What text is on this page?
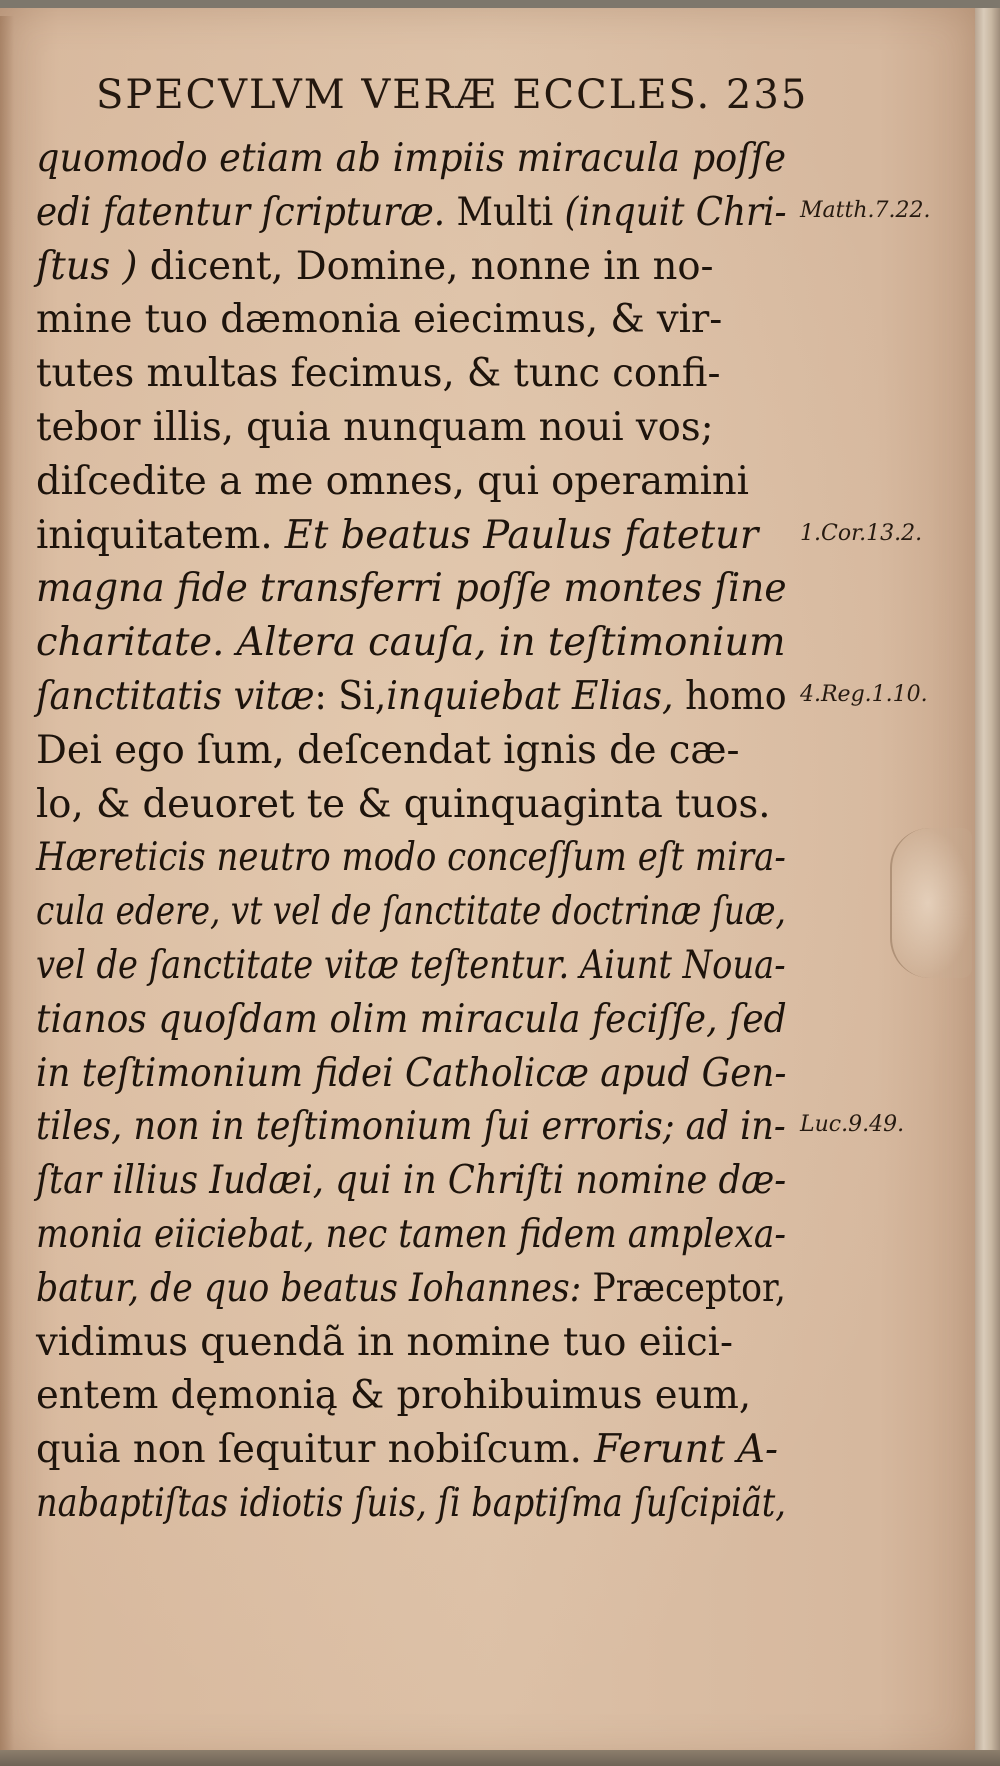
SPECVLVM VERÆ ECCLES. 235
quomodo etiam ab impiis miracula poſſe
edi fatentur ſcripturæ. Multi (inquit Chri-
ſtus ) dicent, Domine, nonne in no-
mine tuo dæmonia eiecimus, & vir-
tutes multas fecimus, & tunc confi-
tebor illis, quia nunquam noui vos;
diſcedite a me omnes, qui operamini
iniquitatem. Et beatus Paulus fatetur
magna fide transferri poſſe montes ſine
charitate. Altera cauſa, in teſtimonium
ſanctitatis vitæ: Si,inquiebat Elias, homo
Dei ego ſum, deſcendat ignis de cæ-
lo, & deuoret te & quinquaginta tuos.
Hæreticis neutro modo conceſſum eſt mira-
cula edere, vt vel de ſanctitate doctrinæ ſuæ,
vel de ſanctitate vitæ teſtentur. Aiunt Noua-
tianos quoſdam olim miracula feciſſe, ſed
in teſtimonium fidei Catholicæ apud Gen-
tiles, non in teſtimonium ſui erroris; ad in-
ſtar illius Iudæi, qui in Chriſti nomine dæ-
monia eiiciebat, nec tamen fidem amplexa-
batur, de quo beatus Iohannes: Præceptor,
vidimus quendã in nomine tuo eiici-
entem dęmonią & prohibuimus eum,
quia non ſequitur nobiſcum. Ferunt A-
nabaptiſtas idiotis ſuis, ſi baptiſma ſuſcipiãt,
Matth.7.22.
1.Cor.13.2.
4.Reg.1.10.
Luc.9.49.
